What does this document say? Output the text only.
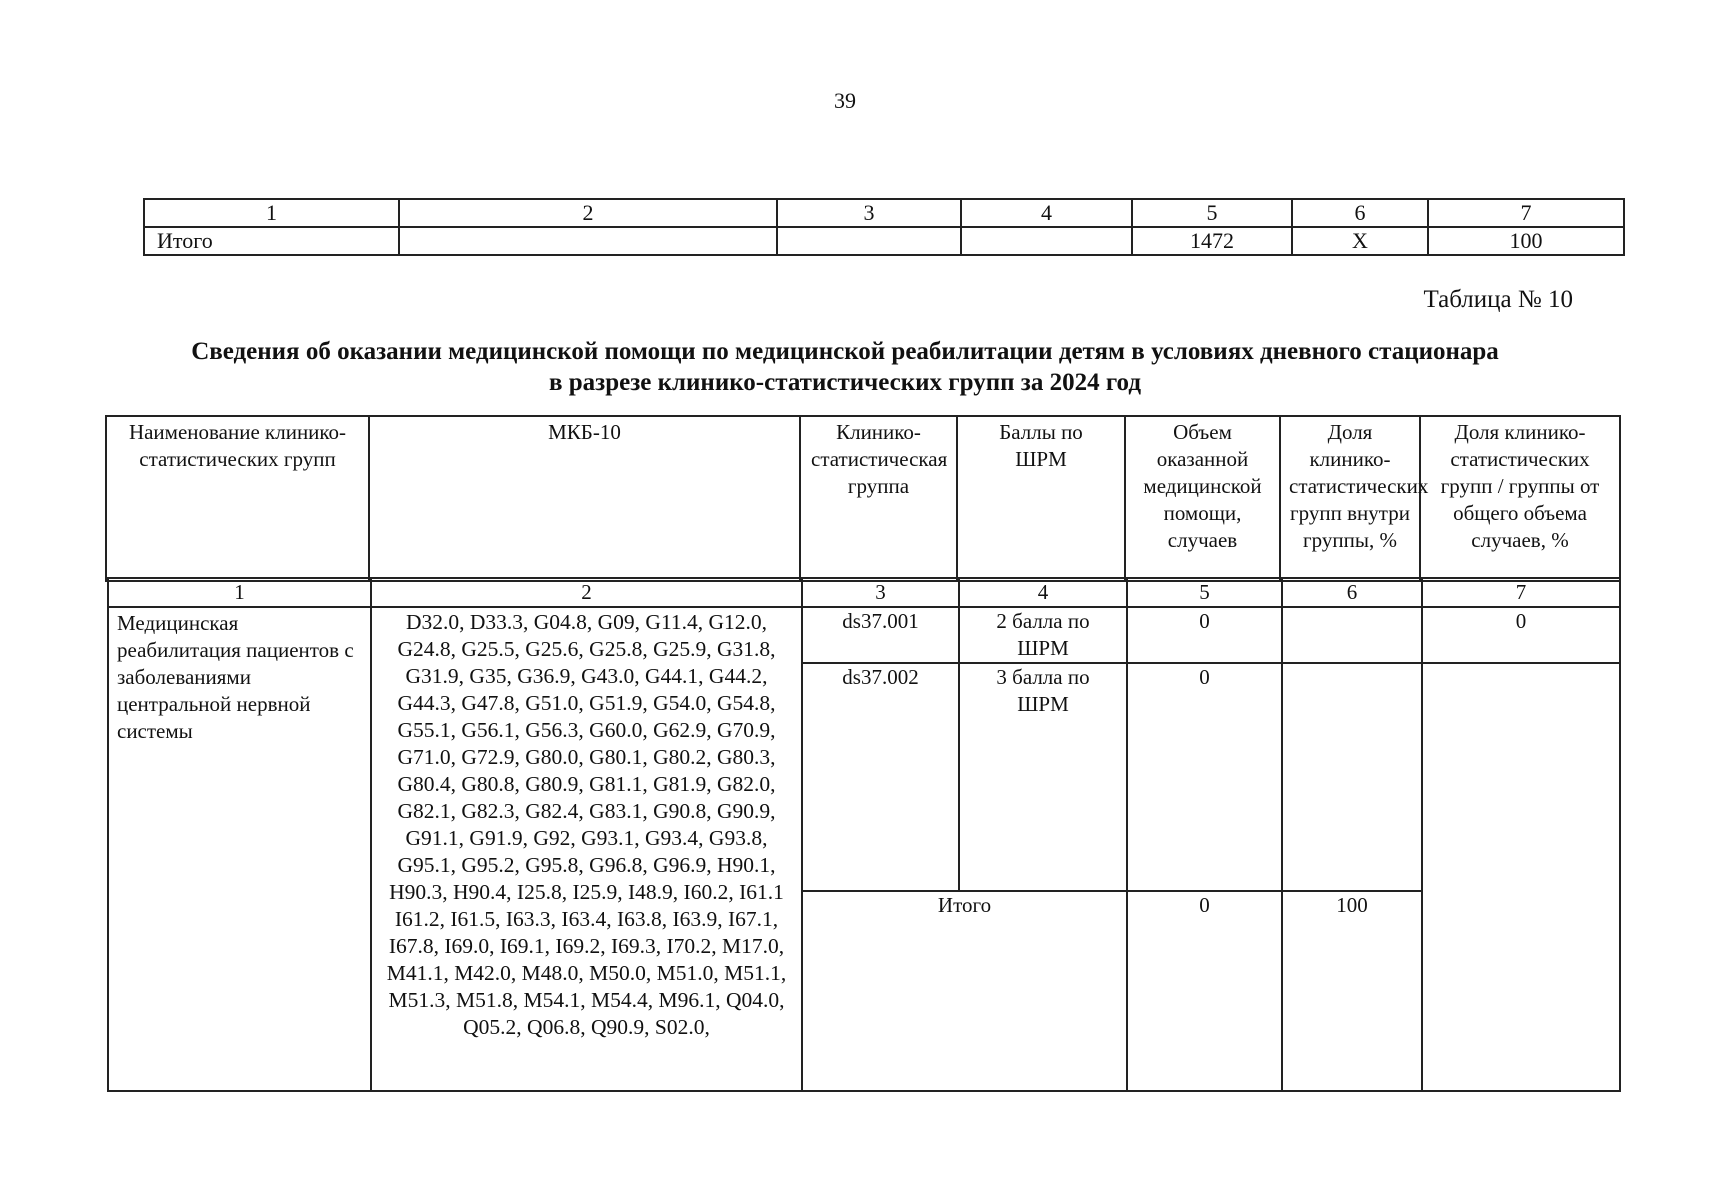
39
1	2	3	4	5	6	7
Итого				1472	X	100
Таблица № 10
Сведения об оказании медицинской помощи по медицинской реабилитации детям в условиях дневного стационара
в разрезе клинико-статистических групп за 2024 год
Наименование клинико-статистических групп	МКБ-10	Клинико-статистическая группа	Баллы по ШРМ	Объем оказанной медицинской помощи, случаев	Доля клинико-статистических групп внутри группы, %	Доля клинико-статистических групп / группы от общего объема случаев, %
1	2	3	4	5	6	7
Медицинская реабилитация пациентов с заболеваниями центральной нервной системы	D32.0, D33.3, G04.8, G09, G11.4, G12.0, G24.8, G25.5, G25.6, G25.8, G25.9, G31.8, G31.9, G35, G36.9, G43.0, G44.1, G44.2, G44.3, G47.8, G51.0, G51.9, G54.0, G54.8, G55.1, G56.1, G56.3, G60.0, G62.9, G70.9, G71.0, G72.9, G80.0, G80.1, G80.2, G80.3, G80.4, G80.8, G80.9, G81.1, G81.9, G82.0, G82.1, G82.3, G82.4, G83.1, G90.8, G90.9, G91.1, G91.9, G92, G93.1, G93.4, G93.8, G95.1, G95.2, G95.8, G96.8, G96.9, H90.1, H90.3, H90.4, I25.8, I25.9, I48.9, I60.2, I61.1 I61.2, I61.5, I63.3, I63.4, I63.8, I63.9, I67.1, I67.8, I69.0, I69.1, I69.2, I69.3, I70.2, M17.0, M41.1, M42.0, M48.0, M50.0, M51.0, M51.1, M51.3, M51.8, M54.1, M54.4, M96.1, Q04.0, Q05.2, Q06.8, Q90.9, S02.0,	ds37.001	2 балла по ШРМ	0		0
		ds37.002	3 балла по ШРМ	0		
		Итого		0	100	
